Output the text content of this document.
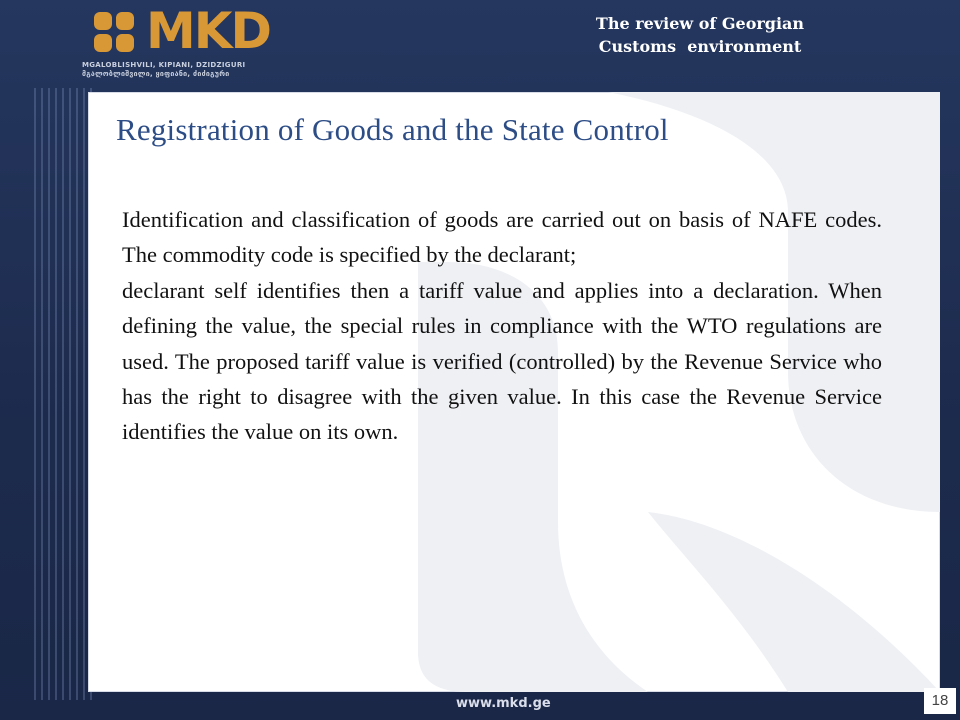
MKD
MGALOBLISHVILI, KIPIANI, DZIDZIGURI
მგალობლიშვილი, ყიფიანი, ძიძიგური
The review of Georgian
Customs  environment
Registration of Goods and the State Control

Identification and classification of goods are carried out on basis of NAFE codes. The commodity code is specified by the declarant;

declarant self identifies then a tariff value and applies into a declaration. When defining the value, the special rules in compliance with the WTO regulations are used. The proposed tariff value is verified (controlled) by the Revenue Service who has the right to disagree with the given value. In this case the Revenue Service identifies the value on its own.

www.mkd.ge	18
